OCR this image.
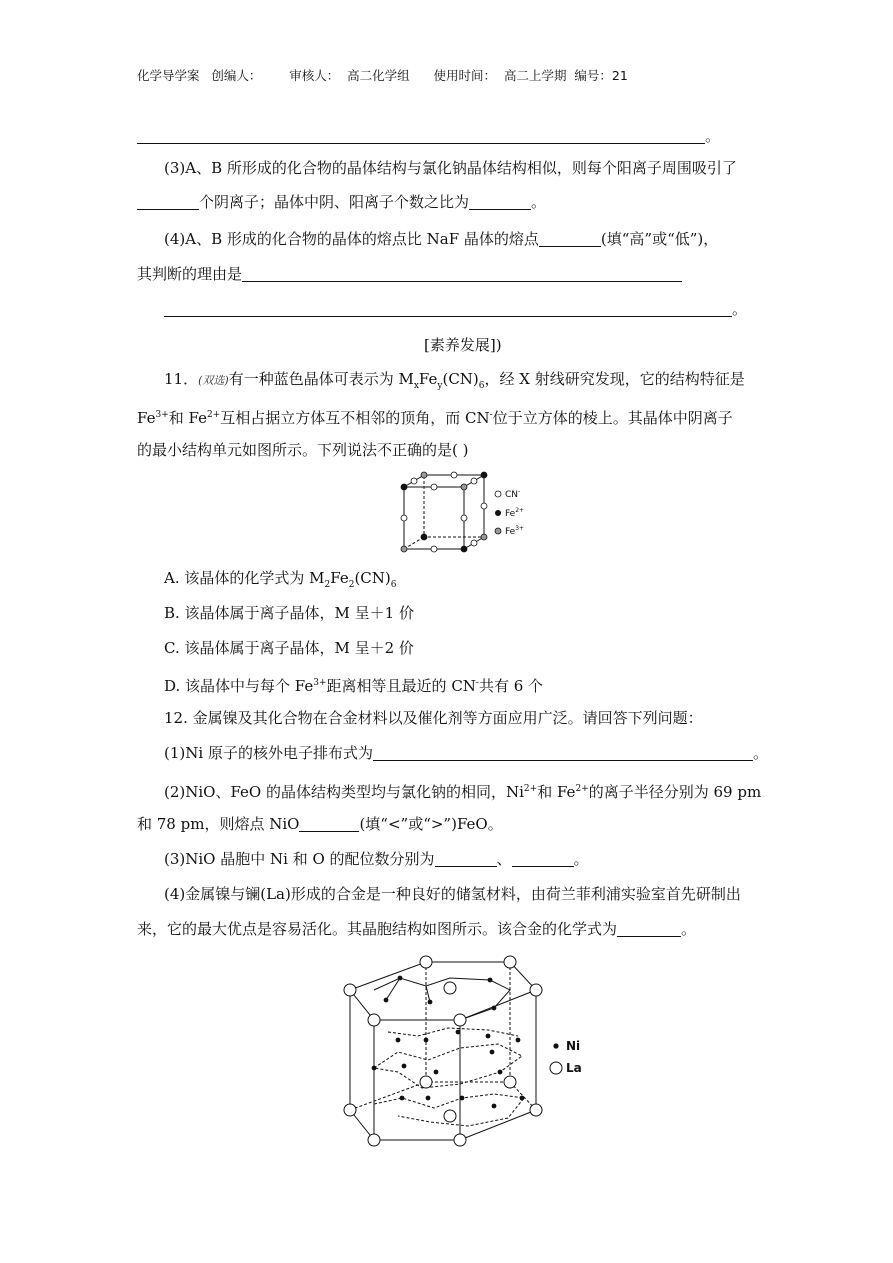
化学导学案   创编人：       审核人：  高二化学组      使用时间：  高二上学期  编号：21
。
(3)A、B 所形成的化合物的晶体结构与氯化钠晶体结构相似，则每个阳离子周围吸引了
个阴离子；晶体中阴、阳离子个数之比为	。
(4)A、B 形成的化合物的晶体的熔点比 NaF 晶体的熔点	(填“高”或“低”)，
其判断的理由是
。
[素养发展])
11．(双选)有一种蓝色晶体可表示为 $M_xFe_y(CN)_6$，经 X 射线研究发现，它的结构特征是
$Fe^{3+}$和 $Fe^{2+}$互相占据立方体互不相邻的顶角，而 CN-位于立方体的棱上。其晶体中阴离子
的最小结构单元如图所示。下列说法不正确的是( )
CN-
$Fe^{2+}$
$Fe^{3+}$
A. 该晶体的化学式为 $M_2Fe_2(CN)_6$
B. 该晶体属于离子晶体，M 呈＋1 价
C. 该晶体属于离子晶体，M 呈＋2 价
D. 该晶体中与每个 $Fe^{3+}$距离相等且最近的 CN-共有 6 个
12. 金属镍及其化合物在合金材料以及催化剂等方面应用广泛。请回答下列问题：
(1)Ni 原子的核外电子排布式为	。
(2)NiO、FeO 的晶体结构类型均与氯化钠的相同，$Ni^{2+}$和 $Fe^{2+}$的离子半径分别为 69 pm
和 78 pm，则熔点 NiO	(填“<”或“>”)FeO。
(3)NiO 晶胞中 Ni 和 O 的配位数分别为	、	。
(4)金属镍与镧(La)形成的合金是一种良好的储氢材料，由荷兰菲利浦实验室首先研制出
来，它的最大优点是容易活化。其晶胞结构如图所示。该合金的化学式为	。
Ni
La
